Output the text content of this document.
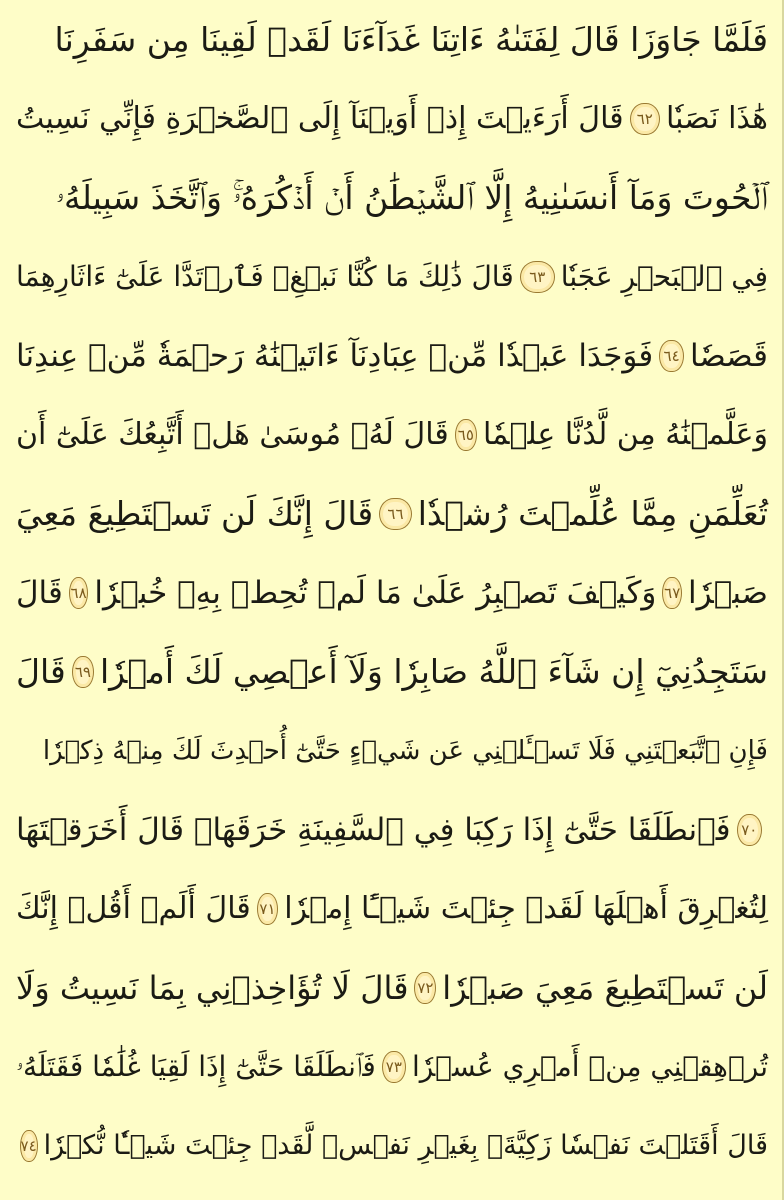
فَلَمَّا جَاوَزَا قَالَ لِفَتَىٰهُ ءَاتِنَا غَدَآءَنَا لَقَدۡ لَقِينَا مِن سَفَرِنَا
هَٰذَا نَصَبٗا
٦٢
قَالَ أَرَءَيۡتَ إِذۡ أَوَيۡنَآ إِلَى ٱلصَّخۡرَةِ فَإِنِّي نَسِيتُ
ٱلۡحُوتَ وَمَآ أَنسَىٰنِيهُ إِلَّا ٱلشَّيۡطَٰنُ أَنۡ أَذۡكُرَهُۥۚ وَٱتَّخَذَ سَبِيلَهُۥ
فِي ٱلۡبَحۡرِ عَجَبٗا
٦٣
قَالَ ذَٰلِكَ مَا كُنَّا نَبۡغِۚ فَٱرۡتَدَّا عَلَىٰٓ ءَاثَارِهِمَا
قَصَصٗا
٦٤
فَوَجَدَا عَبۡدٗا مِّنۡ عِبَادِنَآ ءَاتَيۡنَٰهُ رَحۡمَةٗ مِّنۡ عِندِنَا
وَعَلَّمۡنَٰهُ مِن لَّدُنَّا عِلۡمٗا
٦٥
قَالَ لَهُۥ مُوسَىٰ هَلۡ أَتَّبِعُكَ عَلَىٰٓ أَن
تُعَلِّمَنِ مِمَّا عُلِّمۡتَ رُشۡدٗا
٦٦
قَالَ إِنَّكَ لَن تَسۡتَطِيعَ مَعِيَ
صَبۡرٗا
٦٧
وَكَيۡفَ تَصۡبِرُ عَلَىٰ مَا لَمۡ تُحِطۡ بِهِۦ خُبۡرٗا
٦٨
قَالَ
سَتَجِدُنِيٓ إِن شَآءَ ٱللَّهُ صَابِرٗا وَلَآ أَعۡصِي لَكَ أَمۡرٗا
٦٩
قَالَ
فَإِنِ ٱتَّبَعۡتَنِي فَلَا تَسۡـَٔلۡنِي عَن شَيۡءٍ حَتَّىٰٓ أُحۡدِثَ لَكَ مِنۡهُ ذِكۡرٗا
٧٠
فَٱنطَلَقَا حَتَّىٰٓ إِذَا رَكِبَا فِي ٱلسَّفِينَةِ خَرَقَهَاۖ قَالَ أَخَرَقۡتَهَا
لِتُغۡرِقَ أَهۡلَهَا لَقَدۡ جِئۡتَ شَيۡـًٔا إِمۡرٗا
٧١
قَالَ أَلَمۡ أَقُلۡ إِنَّكَ
لَن تَسۡتَطِيعَ مَعِيَ صَبۡرٗا
٧٢
قَالَ لَا تُؤَاخِذۡنِي بِمَا نَسِيتُ وَلَا
تُرۡهِقۡنِي مِنۡ أَمۡرِي عُسۡرٗا
٧٣
فَٱنطَلَقَا حَتَّىٰٓ إِذَا لَقِيَا غُلَٰمٗا فَقَتَلَهُۥ
قَالَ أَقَتَلۡتَ نَفۡسٗا زَكِيَّةَۢ بِغَيۡرِ نَفۡسٖ لَّقَدۡ جِئۡتَ شَيۡـٔٗا نُّكۡرٗا
٧٤
